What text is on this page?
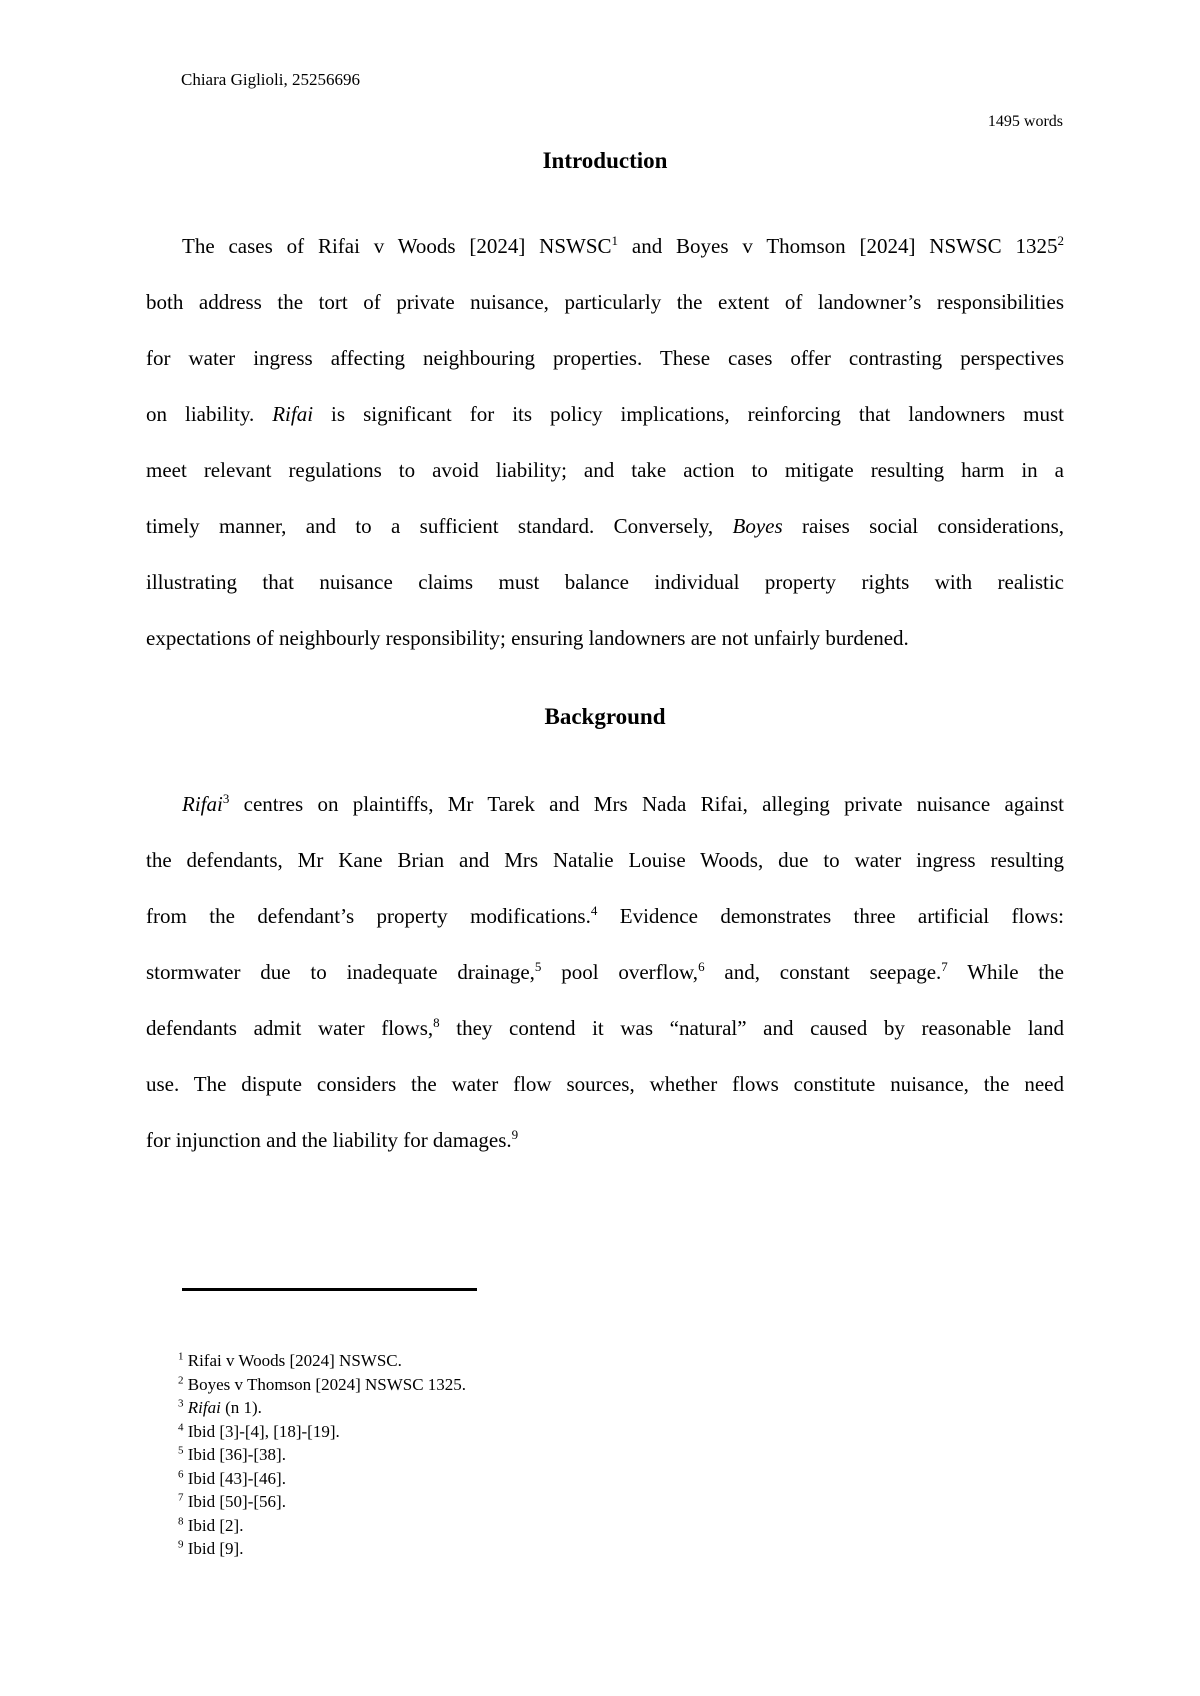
Chiara Giglioli, 25256696
1495 words
Introduction
The cases of Rifai v Woods [2024] NSWSC$^1$ and Boyes v Thomson [2024] NSWSC 1325$^2$
both address the tort of private nuisance, particularly the extent of landowner’s responsibilities
for water ingress affecting neighbouring properties. These cases offer contrasting perspectives
on liability. Rifai is significant for its policy implications, reinforcing that landowners must
meet relevant regulations to avoid liability; and take action to mitigate resulting harm in a
timely manner, and to a sufficient standard. Conversely, Boyes raises social considerations,
illustrating that nuisance claims must balance individual property rights with realistic
expectations of neighbourly responsibility; ensuring landowners are not unfairly burdened.
Background
Rifai$^3$ centres on plaintiffs, Mr Tarek and Mrs Nada Rifai, alleging private nuisance against
the defendants, Mr Kane Brian and Mrs Natalie Louise Woods, due to water ingress resulting
from the defendant’s property modifications.$^4$ Evidence demonstrates three artificial flows:
stormwater due to inadequate drainage,$^5$ pool overflow,$^6$ and, constant seepage.$^7$ While the
defendants admit water flows,$^8$ they contend it was “natural” and caused by reasonable land
use. The dispute considers the water flow sources, whether flows constitute nuisance, the need
for injunction and the liability for damages.$^9$
$^1$ Rifai v Woods [2024] NSWSC.
$^2$ Boyes v Thomson [2024] NSWSC 1325.
$^3$ Rifai (n 1).
$^4$ Ibid [3]-[4], [18]-[19].
$^5$ Ibid [36]-[38].
$^6$ Ibid [43]-[46].
$^7$ Ibid [50]-[56].
$^8$ Ibid [2].
$^9$ Ibid [9].
